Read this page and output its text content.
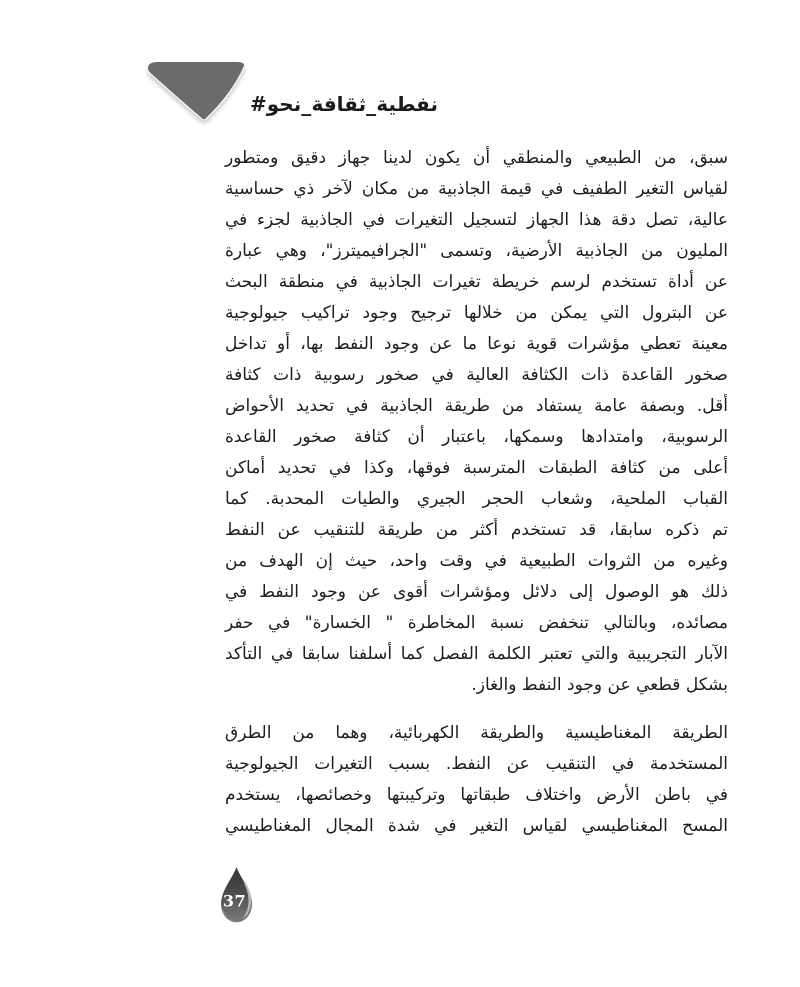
#نحو _ ثقافة _ نفطية
سبق، من الطبيعي والمنطقي أن يكون لدينا جهاز دقيق ومتطور
لقياس التغير الطفيف في قيمة الجاذبية من مكان لآخر ذي حساسية
عالية، تصل دقة هذا الجهاز لتسجيل التغيرات في الجاذبية لجزء في
المليون من الجاذبية الأرضية، وتسمى "الجرافيميترز"، وهي عبارة
عن أداة تستخدم لرسم خريطة تغيرات الجاذبية في منطقة البحث
عن البترول التي يمكن من خلالها ترجيح وجود تراكيب جيولوجية
معينة تعطي مؤشرات قوية نوعا ما عن وجود النفط بها، أو تداخل
صخور القاعدة ذات الكثافة العالية في صخور رسوبية ذات كثافة
أقل. وبصفة عامة يستفاد من طريقة الجاذبية في تحديد الأحواض
الرسوبية، وامتدادها وسمكها، باعتبار أن كثافة صخور القاعدة
أعلى من كثافة الطبقات المترسبة فوقها، وكذا في تحديد أماكن
القباب الملحية، وشعاب الحجر الجيري والطيات المحدبة. كما
تم ذكره سابقا، قد تستخدم أكثر من طريقة للتنقيب عن النفط
وغيره من الثروات الطبيعية في وقت واحد، حيث إن الهدف من
ذلك هو الوصول إلى دلائل ومؤشرات أقوى عن وجود النفط في
مصائده، وبالتالي تنخفض نسبة المخاطرة " الخسارة" في حفر
الآبار التجريبية والتي تعتبر الكلمة الفصل كما أسلفنا سابقا في التأكد
بشكل قطعي عن وجود النفط والغاز.
الطريقة المغناطيسية والطريقة الكهربائية، وهما من الطرق
المستخدمة في التنقيب عن النفط. بسبب التغيرات الجيولوجية
في باطن الأرض واختلاف طبقاتها وتركيبتها وخصائصها، يستخدم
المسح المغناطيسي لقياس التغير في شدة المجال المغناطيسي
37
